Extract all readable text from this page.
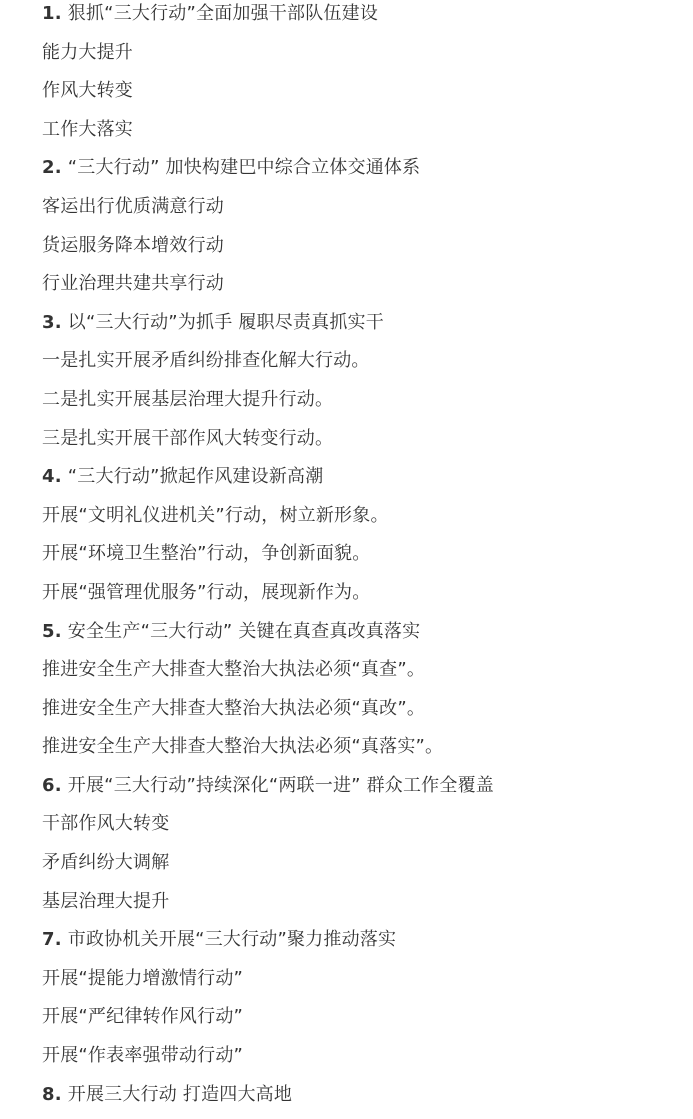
1. 狠抓“三大行动”全面加强干部队伍建设
能力大提升
作风大转变
工作大落实
2. “三大行动” 加快构建巴中综合立体交通体系
客运出行优质满意行动
货运服务降本增效行动
行业治理共建共享行动
3. 以“三大行动”为抓手 履职尽责真抓实干
一是扎实开展矛盾纠纷排查化解大行动。
二是扎实开展基层治理大提升行动。
三是扎实开展干部作风大转变行动。
4. “三大行动”掀起作风建设新高潮
开展“文明礼仪进机关”行动，树立新形象。
开展“环境卫生整治”行动，争创新面貌。
开展“强管理优服务”行动，展现新作为。
5. 安全生产“三大行动” 关键在真查真改真落实
推进安全生产大排查大整治大执法必须“真查”。
推进安全生产大排查大整治大执法必须“真改”。
推进安全生产大排查大整治大执法必须“真落实”。
6. 开展“三大行动”持续深化“两联一进” 群众工作全覆盖
干部作风大转变
矛盾纠纷大调解
基层治理大提升
7. 市政协机关开展“三大行动”聚力推动落实
开展“提能力增激情行动”
开展“严纪律转作风行动”
开展“作表率强带动行动”
8. 开展三大行动 打造四大高地
